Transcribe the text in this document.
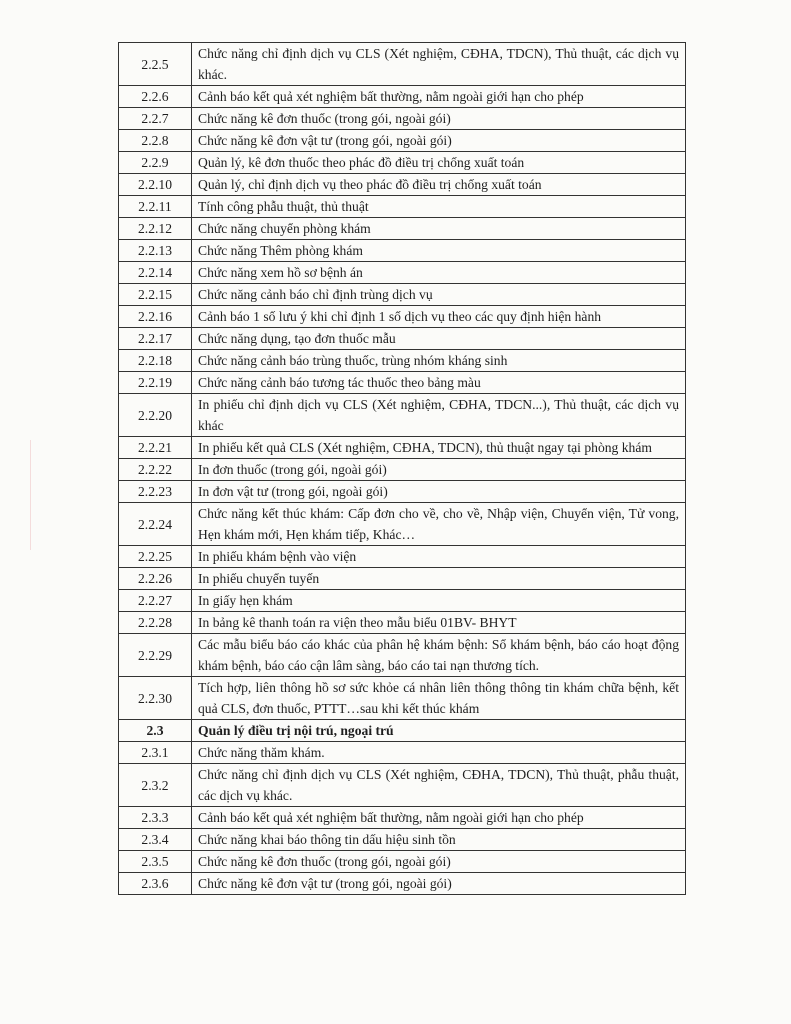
2.2.5	Chức năng chỉ định dịch vụ CLS (Xét nghiệm, CĐHA, TDCN), Thủ thuật, các dịch vụ khác.
2.2.6	Cảnh báo kết quả xét nghiệm bất thường, nằm ngoài giới hạn cho phép
2.2.7	Chức năng kê đơn thuốc (trong gói, ngoài gói)
2.2.8	Chức năng kê đơn vật tư (trong gói, ngoài gói)
2.2.9	Quản lý, kê đơn thuốc theo phác đồ điều trị chống xuất toán
2.2.10	Quản lý, chỉ định dịch vụ theo phác đồ điều trị chống xuất toán
2.2.11	Tính công phẫu thuật, thủ thuật
2.2.12	Chức năng chuyển phòng khám
2.2.13	Chức năng Thêm phòng khám
2.2.14	Chức năng xem hồ sơ bệnh án
2.2.15	Chức năng cảnh báo chỉ định trùng dịch vụ
2.2.16	Cảnh báo 1 số lưu ý khi chỉ định 1 số dịch vụ theo các quy định hiện hành
2.2.17	Chức năng dụng, tạo đơn thuốc mẫu
2.2.18	Chức năng cảnh báo trùng thuốc, trùng nhóm kháng sinh
2.2.19	Chức năng cảnh báo tương tác thuốc theo bảng màu
2.2.20	In phiếu chỉ định dịch vụ CLS (Xét nghiệm, CĐHA, TDCN...), Thủ thuật, các dịch vụ khác
2.2.21	In phiếu kết quả CLS (Xét nghiệm, CĐHA, TDCN), thủ thuật ngay tại phòng khám
2.2.22	In đơn thuốc (trong gói, ngoài gói)
2.2.23	In đơn vật tư (trong gói, ngoài gói)
2.2.24	Chức năng kết thúc khám: Cấp đơn cho về, cho về, Nhập viện, Chuyển viện, Tử vong, Hẹn khám mới, Hẹn khám tiếp, Khác…
2.2.25	In phiếu khám bệnh vào viện
2.2.26	In phiếu chuyển tuyến
2.2.27	In giấy hẹn khám
2.2.28	In bảng kê thanh toán ra viện theo mẫu biểu 01BV- BHYT
2.2.29	Các mẫu biểu báo cáo khác của phân hệ khám bệnh: Sổ khám bệnh, báo cáo hoạt động khám bệnh, báo cáo cận lâm sàng, báo cáo tai nạn thương tích.
2.2.30	Tích hợp, liên thông hồ sơ sức khỏe cá nhân liên thông thông tin khám chữa bệnh, kết quả CLS, đơn thuốc, PTTT…sau khi kết thúc khám
2.3	Quản lý điều trị nội trú, ngoại trú
2.3.1	Chức năng thăm khám.
2.3.2	Chức năng chỉ định dịch vụ CLS (Xét nghiệm, CĐHA, TDCN), Thủ thuật, phẫu thuật, các dịch vụ khác.
2.3.3	Cảnh báo kết quả xét nghiệm bất thường, nằm ngoài giới hạn cho phép
2.3.4	Chức năng khai báo thông tin dấu hiệu sinh tồn
2.3.5	Chức năng kê đơn thuốc (trong gói, ngoài gói)
2.3.6	Chức năng kê đơn vật tư (trong gói, ngoài gói)
